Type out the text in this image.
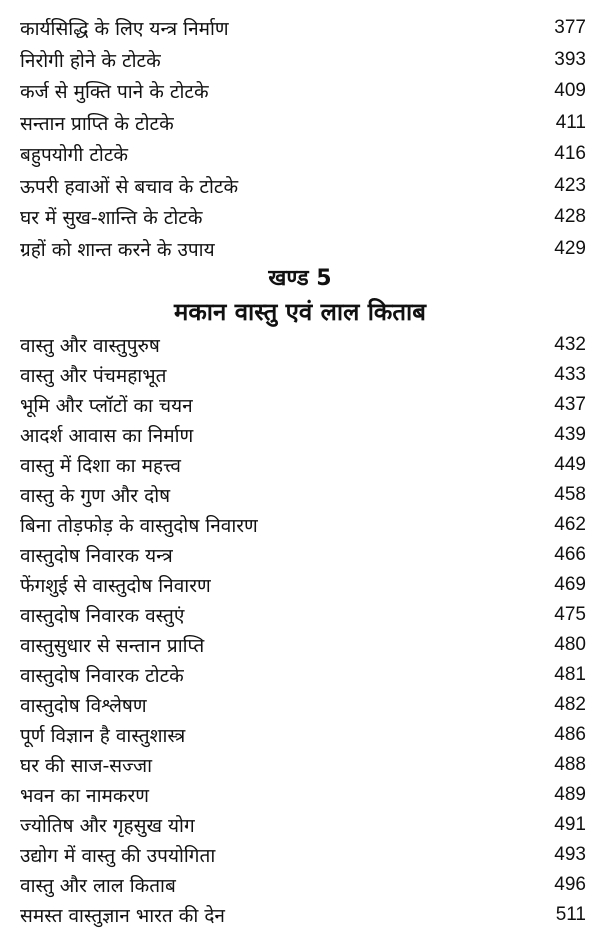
कार्यसिद्धि के लिए यन्त्र निर्माण	377
निरोगी होने के टोटके	393
कर्ज से मुक्ति पाने के टोटके	409
सन्तान प्राप्ति के टोटके	411
बहुपयोगी टोटके	416
ऊपरी हवाओं से बचाव के टोटके	423
घर में सुख-शान्ति के टोटके	428
ग्रहों को शान्त करने के उपाय	429
वास्तु और वास्तुपुरुष	432
वास्तु और पंचमहाभूत	433
भूमि और प्लॉटों का चयन	437
आदर्श आवास का निर्माण	439
वास्तु में दिशा का महत्त्व	449
वास्तु के गुण और दोष	458
बिना तोड़फोड़ के वास्तुदोष निवारण	462
वास्तुदोष निवारक यन्त्र	466
फेंगशुई से वास्तुदोष निवारण	469
वास्तुदोष निवारक वस्तुएं	475
वास्तुसुधार से सन्तान प्राप्ति	480
वास्तुदोष निवारक टोटके	481
वास्तुदोष विश्लेषण	482
पूर्ण विज्ञान है वास्तुशास्त्र	486
घर की साज-सज्जा	488
भवन का नामकरण	489
ज्योतिष और गृहसुख योग	491
उद्योग में वास्तु की उपयोगिता	493
वास्तु और लाल किताब	496
समस्त वास्तुज्ञान भारत की देन	511
खण्ड 5
मकान वास्तु एवं लाल किताब
